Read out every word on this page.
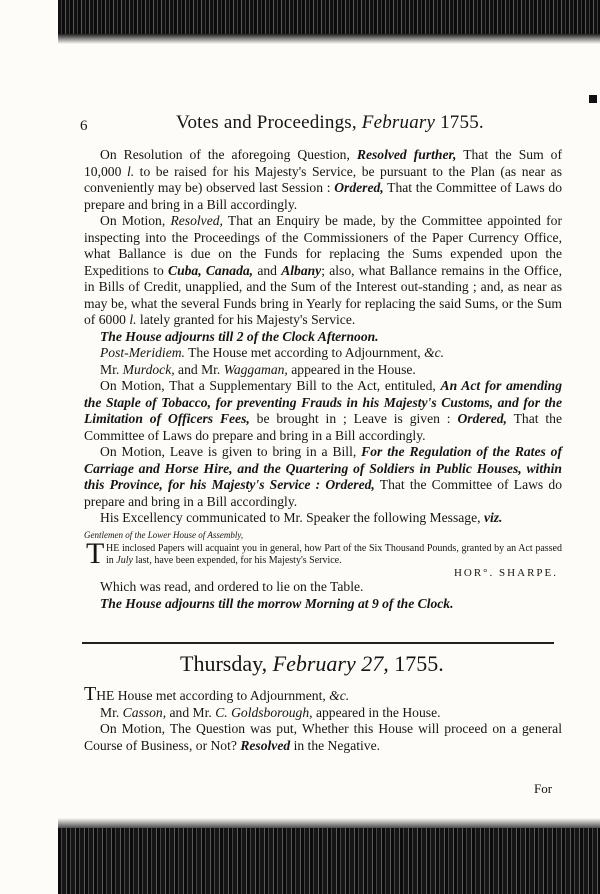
6	Votes and Proceedings, February 1755.

On Resolution of the aforegoing Question, Resolved further, That the Sum of 10,000 l. to be raised for his Majesty's Service, be pursuant to the Plan (as near as conveniently may be) observed last Session : Ordered, That the Committee of Laws do prepare and bring in a Bill accordingly.

On Motion, Resolved, That an Enquiry be made, by the Committee appointed for inspecting into the Proceedings of the Commissioners of the Paper Currency Office, what Ballance is due on the Funds for replacing the Sums expended upon the Expeditions to Cuba, Canada, and Albany; also, what Ballance remains in the Office, in Bills of Credit, unapplied, and the Sum of the Interest out-standing ; and, as near as may be, what the several Funds bring in Yearly for replacing the said Sums, or the Sum of 6000 l. lately granted for his Majesty's Service.

The House adjourns till 2 of the Clock Afternoon.

Post-Meridiem. The House met according to Adjournment, &c.

Mr. Murdock, and Mr. Waggaman, appeared in the House.

On Motion, That a Supplementary Bill to the Act, entituled, An Act for amending the Staple of Tobacco, for preventing Frauds in his Majesty's Customs, and for the Limitation of Officers Fees, be brought in ; Leave is given : Ordered, That the Committee of Laws do prepare and bring in a Bill accordingly.

On Motion, Leave is given to bring in a Bill, For the Regulation of the Rates of Carriage and Horse Hire, and the Quartering of Soldiers in Public Houses, within this Province, for his Majesty's Service : Ordered, That the Committee of Laws do prepare and bring in a Bill accordingly.

His Excellency communicated to Mr. Speaker the following Message, viz.

Gentlemen of the Lower House of Assembly,

T HE inclosed Papers will acquaint you in general, how Part of the Six Thousand Pounds, granted by an Act passed in July last, have been expended, for his Majesty's Service.

HOR°. SHARPE.

Which was read, and ordered to lie on the Table.

The House adjourns till the morrow Morning at 9 of the Clock.

Thursday, February 27, 1755.

THE House met according to Adjournment, &c.

Mr. Casson, and Mr. C. Goldsborough, appeared in the House.

On Motion, The Question was put, Whether this House will proceed on a general Course of Business, or Not? Resolved in the Negative.

For
